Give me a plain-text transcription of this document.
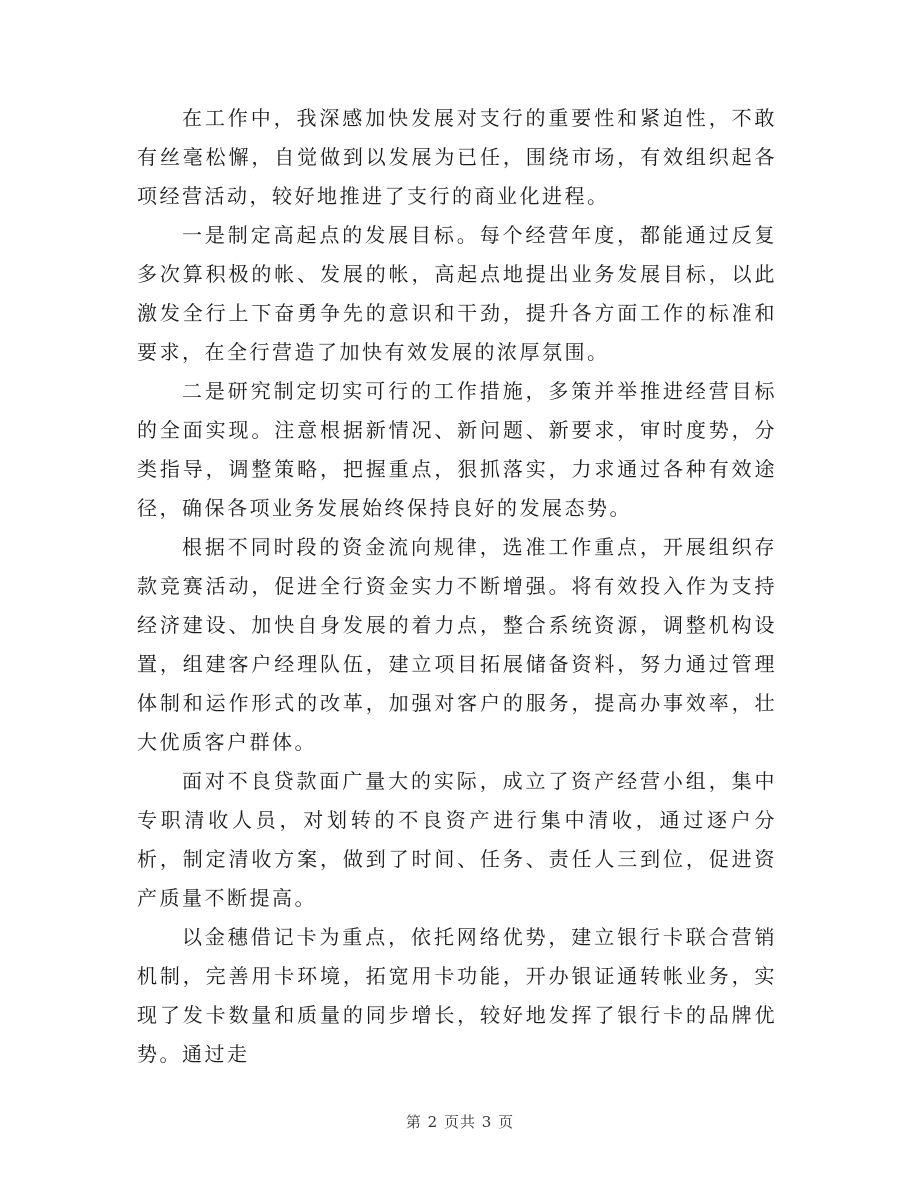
在工作中，我深感加快发展对支行的重要性和紧迫性，不敢有丝毫松懈，自觉做到以发展为已任，围绕市场，有效组织起各项经营活动，较好地推进了支行的商业化进程。

一是制定高起点的发展目标。每个经营年度，都能通过反复多次算积极的帐、发展的帐，高起点地提出业务发展目标，以此激发全行上下奋勇争先的意识和干劲，提升各方面工作的标准和要求，在全行营造了加快有效发展的浓厚氛围。

二是研究制定切实可行的工作措施，多策并举推进经营目标的全面实现。注意根据新情况、新问题、新要求，审时度势，分类指导，调整策略，把握重点，狠抓落实，力求通过各种有效途径，确保各项业务发展始终保持良好的发展态势。

根据不同时段的资金流向规律，选准工作重点，开展组织存款竞赛活动，促进全行资金实力不断增强。将有效投入作为支持经济建设、加快自身发展的着力点，整合系统资源，调整机构设置，组建客户经理队伍，建立项目拓展储备资料，努力通过管理体制和运作形式的改革，加强对客户的服务，提高办事效率，壮大优质客户群体。

面对不良贷款面广量大的实际，成立了资产经营小组，集中专职清收人员，对划转的不良资产进行集中清收，通过逐户分析，制定清收方案，做到了时间、任务、责任人三到位，促进资产质量不断提高。

以金穗借记卡为重点，依托网络优势，建立银行卡联合营销机制，完善用卡环境，拓宽用卡功能，开办银证通转帐业务，实现了发卡数量和质量的同步增长，较好地发挥了银行卡的品牌优势。通过走

第 2 页共 3 页
